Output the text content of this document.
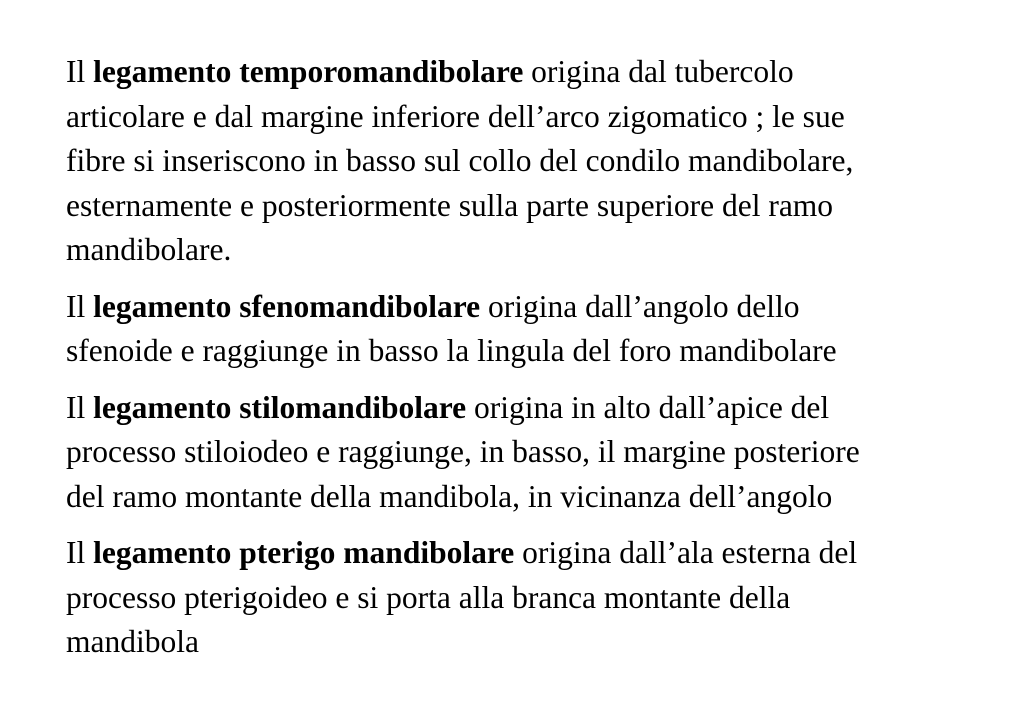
Il legamento temporomandibolare origina dal tubercolo
articolare e dal margine inferiore dell’arco zigomatico ; le sue
fibre si inseriscono in basso sul collo del condilo mandibolare,
esternamente e posteriormente sulla parte superiore del ramo
mandibolare.

Il legamento sfenomandibolare origina dall’angolo dello
sfenoide e raggiunge in basso la lingula del foro mandibolare

Il legamento stilomandibolare origina in alto dall’apice del
processo stiloiodeo e raggiunge, in basso, il margine posteriore
del ramo montante della mandibola, in vicinanza dell’angolo

Il legamento pterigo mandibolare origina dall’ala esterna del
processo pterigoideo e si porta alla branca montante della
mandibola
